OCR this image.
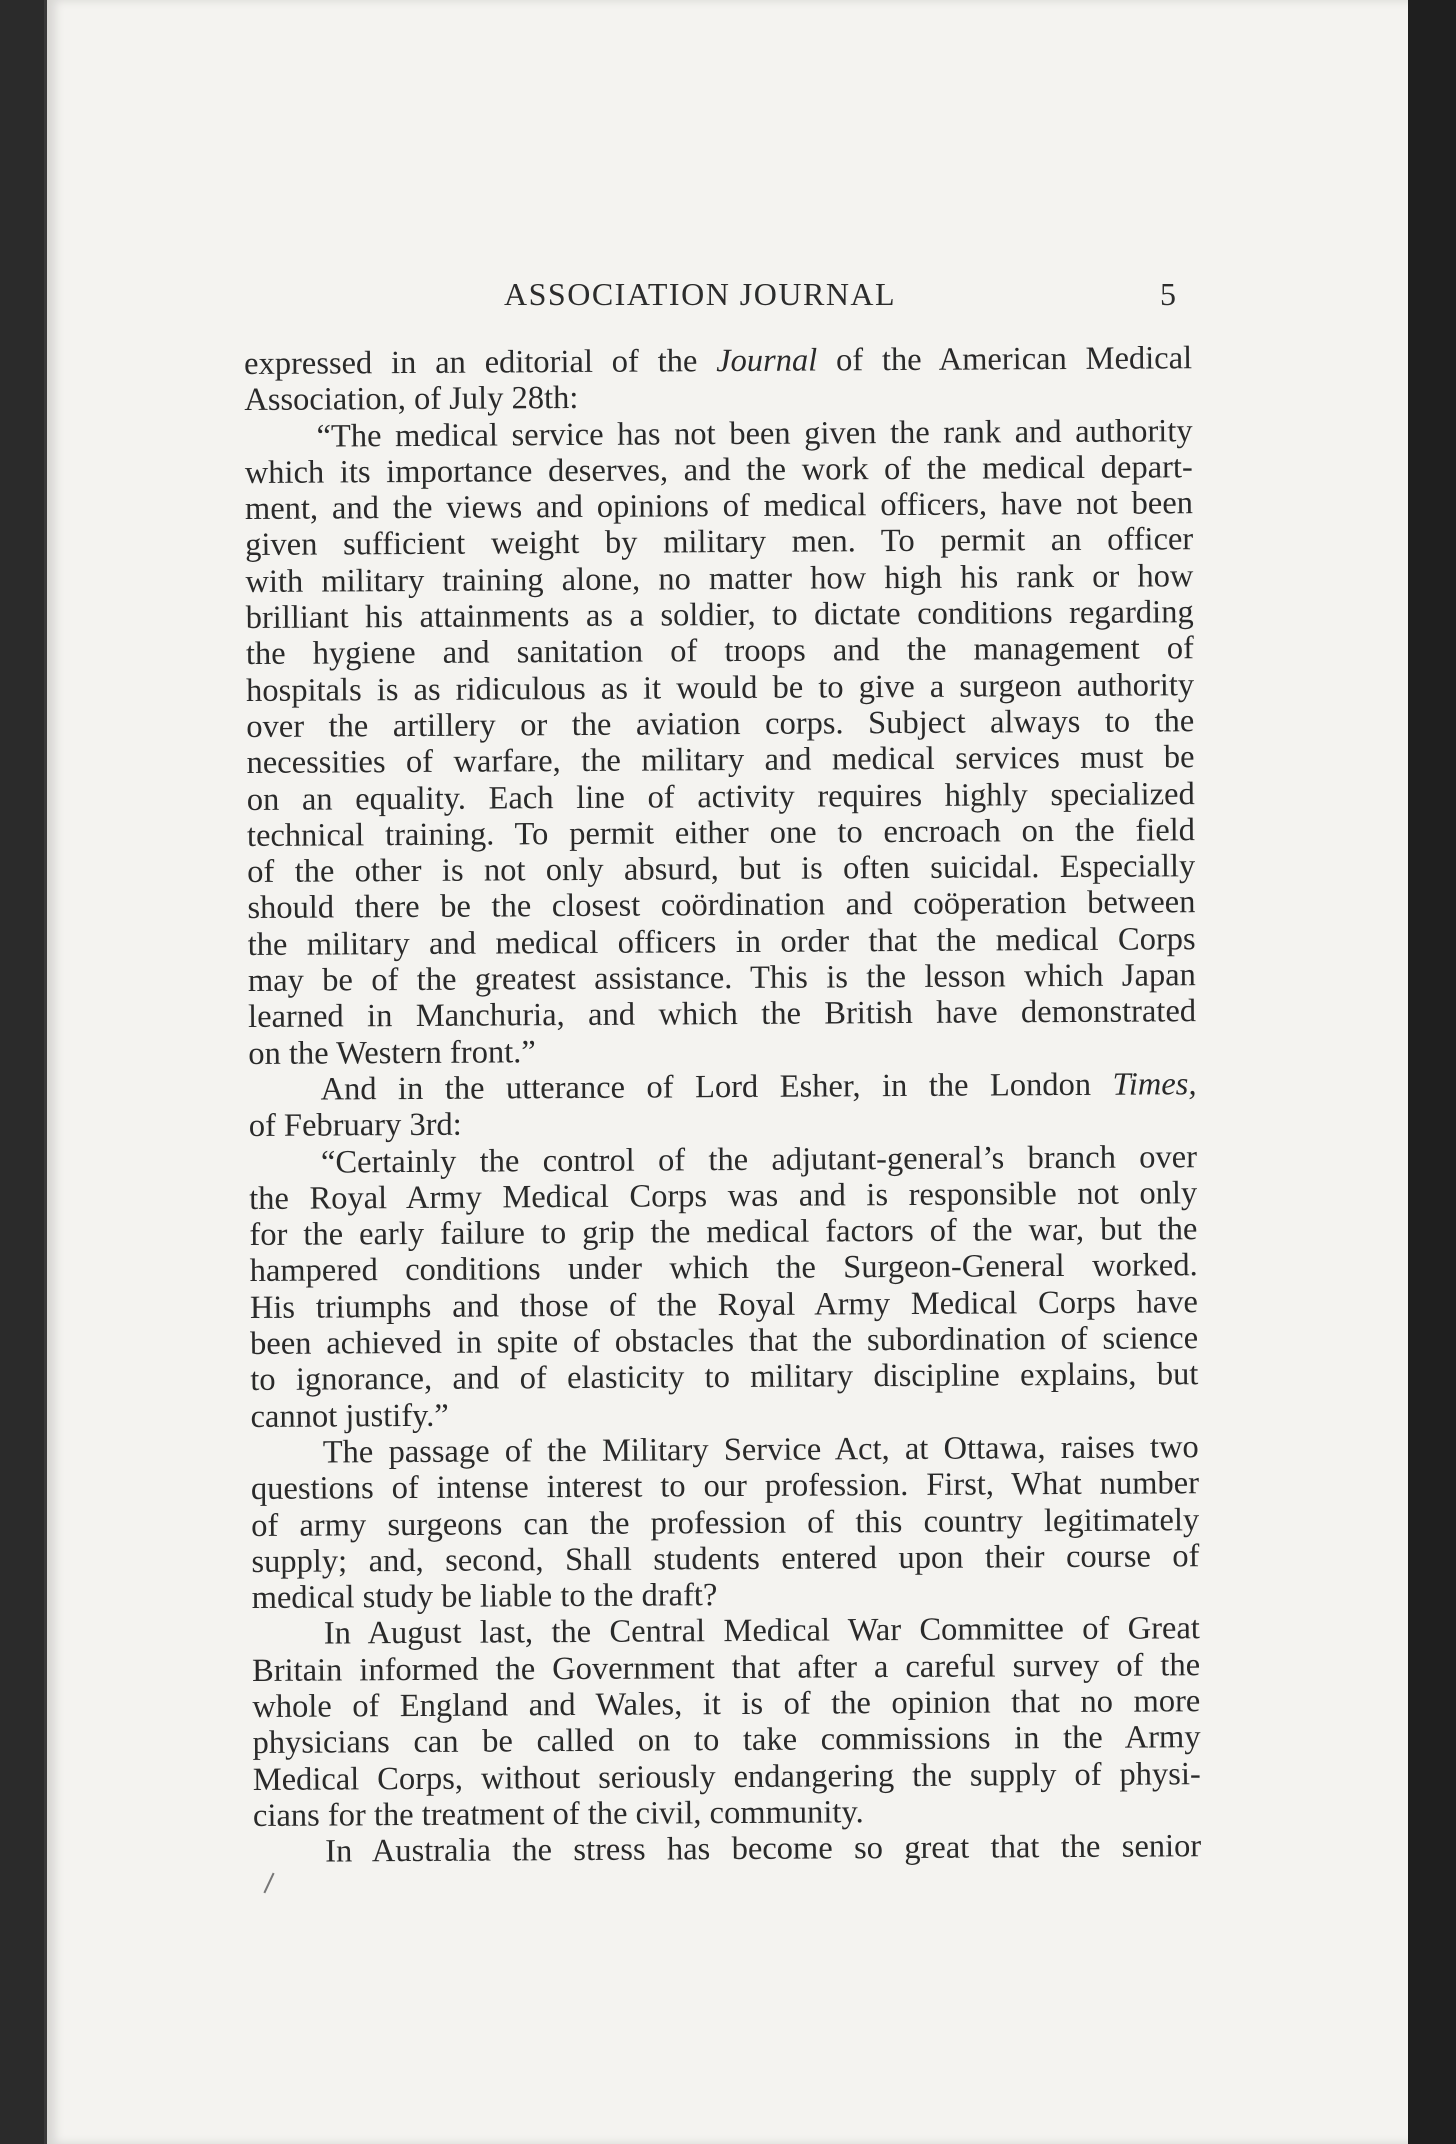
ASSOCIATION JOURNAL	5
expressed in an editorial of the Journal of the American Medical
Association, of July 28th:
“The medical service has not been given the rank and authority
which its importance deserves, and the work of the medical depart-
ment, and the views and opinions of medical officers, have not been
given sufficient weight by military men. To permit an officer
with military training alone, no matter how high his rank or how
brilliant his attainments as a soldier, to dictate conditions regarding
the hygiene and sanitation of troops and the management of
hospitals is as ridiculous as it would be to give a surgeon authority
over the artillery or the aviation corps. Subject always to the
necessities of warfare, the military and medical services must be
on an equality. Each line of activity requires highly specialized
technical training. To permit either one to encroach on the field
of the other is not only absurd, but is often suicidal. Especially
should there be the closest coördination and coöperation between
the military and medical officers in order that the medical Corps
may be of the greatest assistance. This is the lesson which Japan
learned in Manchuria, and which the British have demonstrated
on the Western front.”
And in the utterance of Lord Esher, in the London Times,
of February 3rd:
“Certainly the control of the adjutant-general’s branch over
the Royal Army Medical Corps was and is responsible not only
for the early failure to grip the medical factors of the war, but the
hampered conditions under which the Surgeon-General worked.
His triumphs and those of the Royal Army Medical Corps have
been achieved in spite of obstacles that the subordination of science
to ignorance, and of elasticity to military discipline explains, but
cannot justify.”
The passage of the Military Service Act, at Ottawa, raises two
questions of intense interest to our profession. First, What number
of army surgeons can the profession of this country legitimately
supply; and, second, Shall students entered upon their course of
medical study be liable to the draft?
In August last, the Central Medical War Committee of Great
Britain informed the Government that after a careful survey of the
whole of England and Wales, it is of the opinion that no more
physicians can be called on to take commissions in the Army
Medical Corps, without seriously endangering the supply of physi-
cians for the treatment of the civil, community.
In Australia the stress has become so great that the senior
